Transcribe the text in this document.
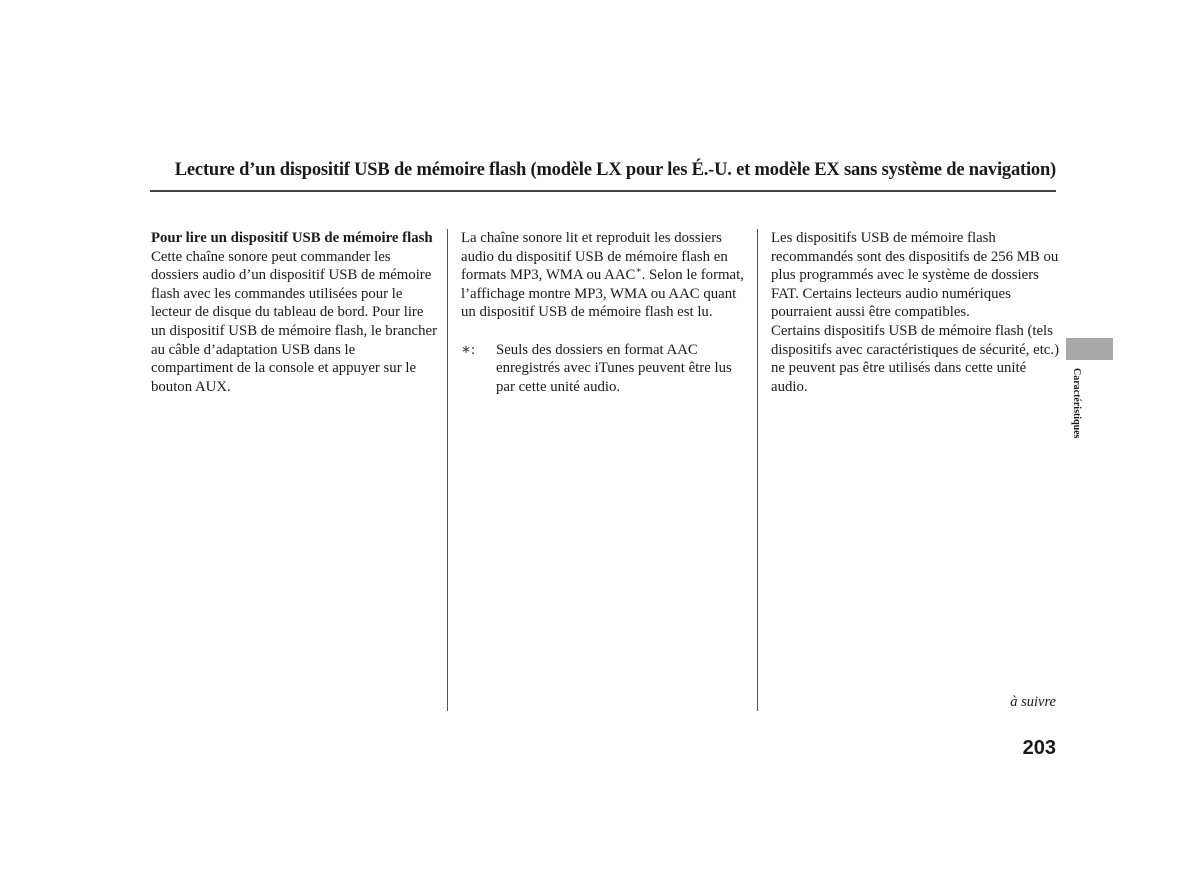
Lecture d’un dispositif USB de mémoire flash (modèle LX pour les É.-U. et modèle EX sans système de navigation)

Pour lire un dispositif USB de mémoire flash

Cette chaîne sonore peut commander les dossiers audio d’un dispositif USB de mémoire flash avec les commandes utilisées pour le lecteur de disque du tableau de bord. Pour lire un dispositif USB de mémoire flash, le brancher au câble d’adaptation USB dans le compartiment de la console et appuyer sur le bouton AUX.

La chaîne sonore lit et reproduit les dossiers audio du dispositif USB de mémoire flash en formats MP3, WMA ou AAC∗. Selon le format, l’affichage montre MP3, WMA ou AAC quant un dispositif USB de mémoire flash est lu.

∗:	Seuls des dossiers en format AAC enregistrés avec iTunes peuvent être lus par cette unité audio.

Les dispositifs USB de mémoire flash recommandés sont des dispositifs de 256 MB ou plus programmés avec le système de dossiers FAT. Certains lecteurs audio numériques pourraient aussi être compatibles.

Certains dispositifs USB de mémoire flash (tels dispositifs avec caractéristiques de sécurité, etc.) ne peuvent pas être utilisés dans cette unité audio.	Caractéristiques
à suivre
203
